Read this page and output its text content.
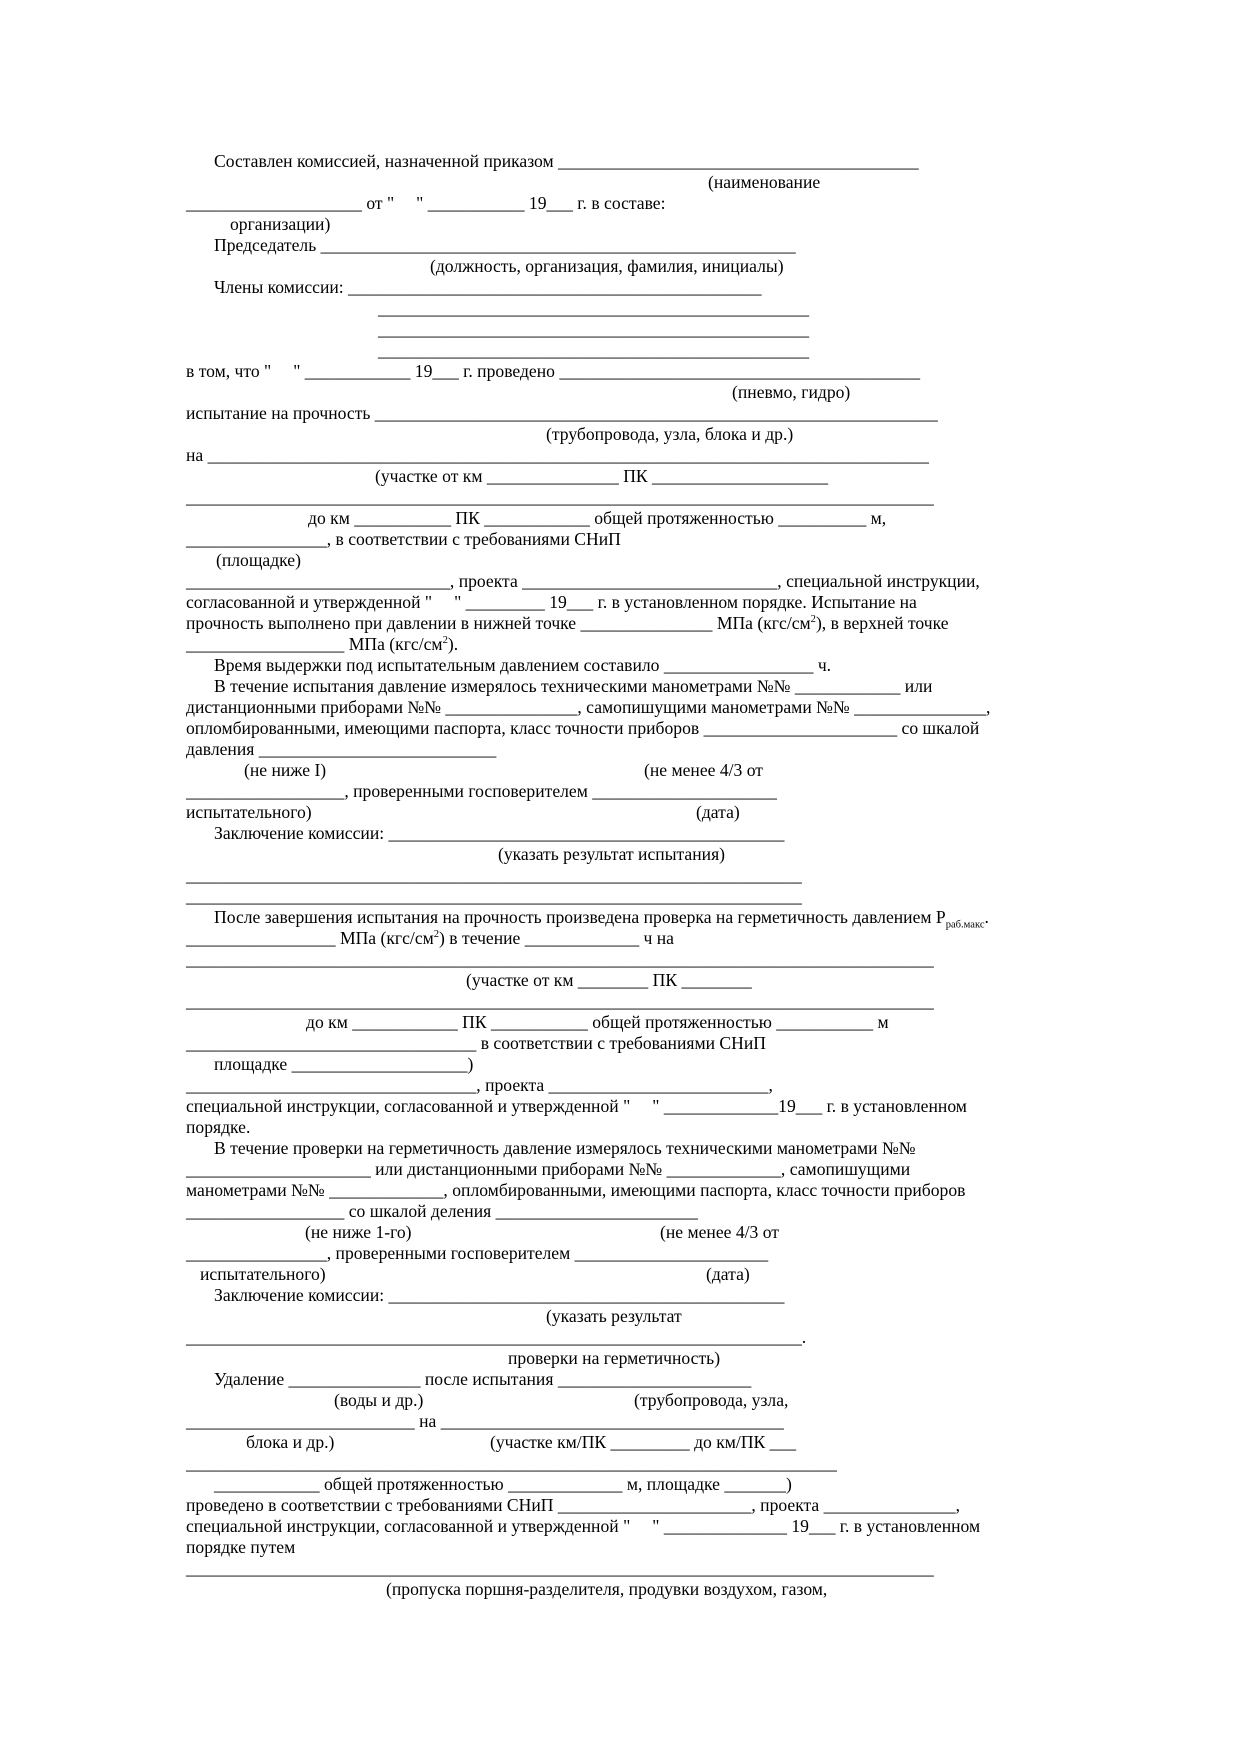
Составлен комиссией, назначенной приказом _________________________________________
(наименование
____________________ от "     " ___________ 19___ г. в составе:
организации)
Председатель ______________________________________________________
(должность, организация, фамилия, инициалы)
Члены комиссии: _______________________________________________
_________________________________________________
_________________________________________________
_________________________________________________
в том, что "     " ____________ 19___ г. проведено _________________________________________
(пневмо, гидро)
испытание на прочность ________________________________________________________________
(трубопровода, узла, блока и др.)
на __________________________________________________________________________________
(участке от км _______________ ПК ____________________
_____________________________________________________________________________________
до км ___________ ПК ____________ общей протяженностью __________ м,
________________, в соответствии с требованиями СНиП
(площадке)
______________________________, проекта _____________________________, специальной инструкции,
согласованной и утвержденной "     " _________ 19___ г. в установленном порядке. Испытание на
прочность выполнено при давлении в нижней точке _______________ МПа $(кгс/см^2)$, в верхней точке
__________________ МПа $(кгс/см^2)$.
Время выдержки под испытательным давлением составило _________________ ч.
В течение испытания давление измерялось техническими манометрами №№ ____________ или
дистанционными приборами №№ _______________, самопишущими манометрами №№ _______________,
опломбированными, имеющими паспорта, класс точности приборов ______________________ со шкалой
давления ___________________________
(не ниже I)	(не менее 4/3 от
__________________, проверенными госповерителем _____________________
испытательного)	(дата)
Заключение комиссии: _____________________________________________
(указать результат испытания)
______________________________________________________________________
______________________________________________________________________
После завершения испытания на прочность произведена проверка на герметичность давлением $P_{раб.макс}$.
_________________ МПа $(кгс/см^2)$ в течение _____________ ч на
_____________________________________________________________________________________
(участке от км ________ ПК ________
_____________________________________________________________________________________
до км ____________ ПК ___________ общей протяженностью ___________ м
_________________________________ в соответствии с требованиями СНиП
площадке ____________________)
_________________________________, проекта _________________________,
специальной инструкции, согласованной и утвержденной "     " _____________19___ г. в установленном
порядке.
В течение проверки на герметичность давление измерялось техническими манометрами №№
_____________________ или дистанционными приборами №№ _____________, самопишущими
манометрами №№ _____________, опломбированными, имеющими паспорта, класс точности приборов
__________________ со шкалой деления _______________________
(не ниже 1-го)	(не менее 4/3 от
________________, проверенными госповерителем ______________________
испытательного)	(дата)
Заключение комиссии: _____________________________________________
(указать результат
______________________________________________________________________.
проверки на герметичность)
Удаление _______________ после испытания ______________________
(воды и др.)	(трубопровода, узла,
__________________________ на _______________________________________
блока и др.)	(участке км/ПК _________ до км/ПК ___
__________________________________________________________________________
____________ общей протяженностью _____________ м, площадке _______)
проведено в соответствии с требованиями СНиП ______________________, проекта _______________,
специальной инструкции, согласованной и утвержденной "     " ______________ 19___ г. в установленном
порядке путем
_____________________________________________________________________________________
(пропуска поршня-разделителя, продувки воздухом, газом,
